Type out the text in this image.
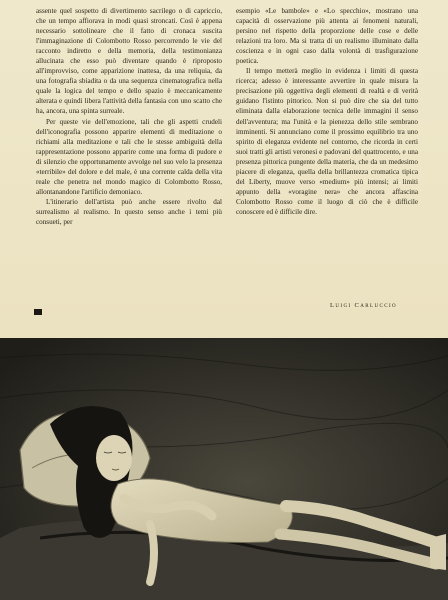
assente quel sospetto di divertimento sacrilego o di capriccio, che un tempo affiorava in modi quasi stroncati. Così è appena necessario sottolineare che il fatto di cronaca suscita l'immaginazione di Colombotto Rosso percorrendo le vie del racconto indiretto e della memoria, della testimonianza allucinata che esso può diventare quando è riproposto all'improvviso, come apparizione inattesa, da una reliquia, da una fotografia sbiadita o da una sequenza cinematografica nella quale la logica del tempo e dello spazio è meccanicamente alterata e quindi libera l'attività della fantasia con uno scatto che ha, ancora, una spinta surreale.

Per queste vie dell'emozione, tali che gli aspetti crudeli dell'iconografia possono apparire elementi di meditazione o richiami alla meditazione e tali che le stesse ambiguità della rappresentazione possono apparire come una forma di pudore e di silenzio che opportunamente avvolge nel suo velo la presenza «terribile» del dolore e del male, è una corrente calda della vita reale che penetra nel mondo magico di Colombotto Rosso, allontanandone l'artificio demoniaco.

L'itinerario dell'artista può anche essere rivolto dal surrealismo al realismo. In questo senso anche i temi più consueti, per

esempio «Le bambole» e «Lo specchio», mostrano una capacità di osservazione più attenta ai fenomeni naturali, persino nel rispetto della proporzione delle cose e delle relazioni tra loro. Ma si tratta di un realismo illuminato dalla coscienza e in ogni caso dalla volontà di trasfigurazione poetica.

Il tempo metterà meglio in evidenza i limiti di questa ricerca; adesso è interessante avvertire in quale misura la precisazione più oggettiva degli elementi di realtà e di verità guidano l'istinto pittorico. Non si può dire che sia del tutto eliminata dalla elaborazione tecnica delle immagini il senso dell'avventura; ma l'unità e la pienezza dello stile sembrano imminenti. Si annunciano come il prossimo equilibrio tra uno spirito di eleganza evidente nel contorno, che ricorda in certi suoi tratti gli artisti veronesi e padovani del quattrocento, e una presenza pittorica pungente della materia, che da un medesimo piacere di eleganza, quella della brillantezza cromatica tipica del Liberty, muove verso «medium» più intensi; ai limiti appunto della «voragine nera» che ancora affascina Colombotto Rosso come il luogo di ciò che è difficile conoscere ed è difficile dire.

Luigi Carluccio
